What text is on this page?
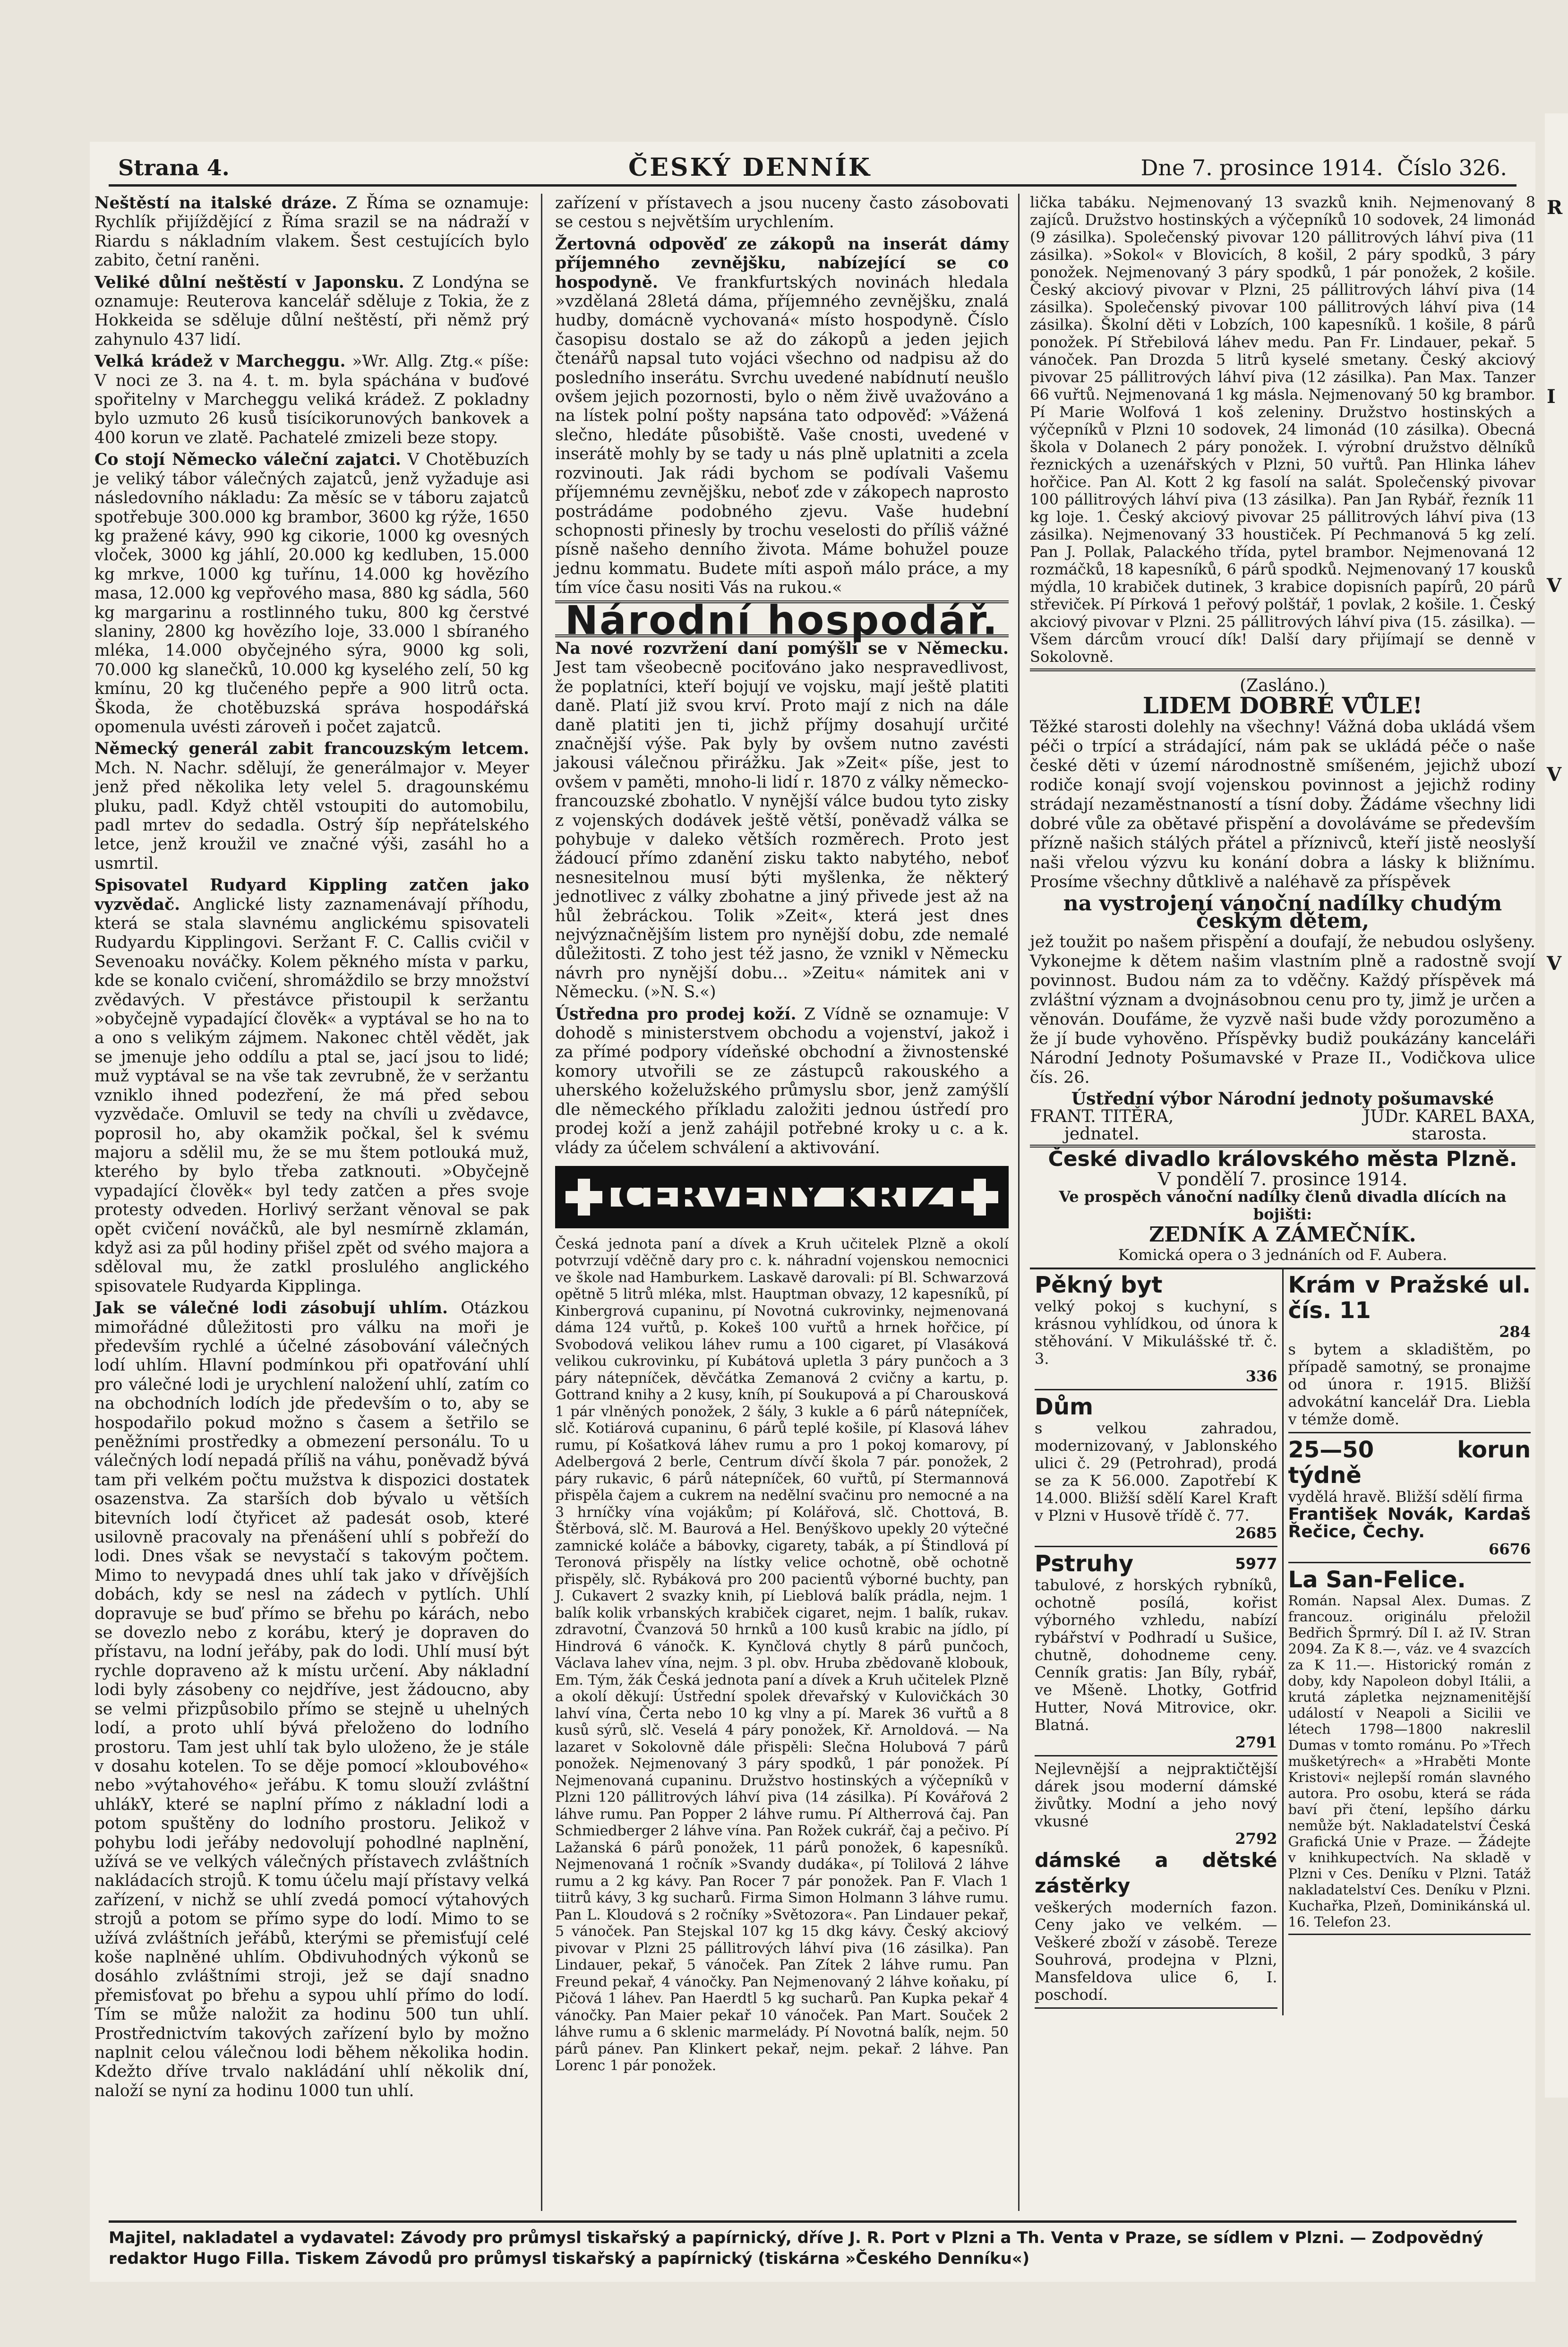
Strana 4.	ČESKÝ DENNÍK	Dne 7. prosince 1914. Číslo 326.

Neštěstí na italské dráze. Z Říma se oznamuje: Rychlík přijíždějící z Říma srazil se na nádraží v Riardu s nákladním vlakem. Šest cestujících bylo zabito, četní raněni.

Veliké důlní neštěstí v Japonsku. Z Londýna se oznamuje: Reuterova kancelář sděluje z Tokia, že z Hokkeida se sděluje důlní neštěstí, při němž prý zahynulo 437 lidí.

Velká krádež v Marcheggu. »Wr. Allg. Ztg.« píše: V noci ze 3. na 4. t. m. byla spáchána v buďové spořitelny v Marcheggu veliká krádež. Z pokladny bylo uzmuto 26 kusů tisícikorunových bankovek a 400 korun ve zlatě. Pachatelé zmizeli beze stopy.

Co stojí Německo váleční zajatci. V Chotěbuzích je veliký tábor válečných zajatců, jenž vyžaduje asi následovního nákladu: Za měsíc se v táboru zajatců spotřebuje 300.000 kg brambor, 3600 kg rýže, 1650 kg pražené kávy, 990 kg cikorie, 1000 kg ovesných vloček, 3000 kg jáhlí, 20.000 kg kedluben, 15.000 kg mrkve, 1000 kg tuřínu, 14.000 kg hovězího masa, 12.000 kg vepřového masa, 880 kg sádla, 560 kg margarinu a rostlinného tuku, 800 kg čerstvé slaniny, 2800 kg hovězího loje, 33.000 l sbíraného mléka, 14.000 obyčejného sýra, 9000 kg soli, 70.000 kg slanečků, 10.000 kg kyselého zelí, 50 kg kmínu, 20 kg tlučeného pepře a 900 litrů octa. Škoda, že chotěbuzská správa hospodářská opomenula uvésti zároveň i počet zajatců.

Německý generál zabit francouzským letcem. Mch. N. Nachr. sdělují, že generálmajor v. Meyer jenž před několika lety velel 5. dragounskému pluku, padl. Když chtěl vstoupiti do automobilu, padl mrtev do sedadla. Ostrý šíp nepřátelského letce, jenž kroužil ve značné výši, zasáhl ho a usmrtil.

Spisovatel Rudyard Kippling zatčen jako vyzvědač. Anglické listy zaznamenávají příhodu, která se stala slavnému anglickému spisovateli Rudyardu Kipplingovi. Seržant F. C. Callis cvičil v Sevenoaku nováčky. Kolem pěkného místa v parku, kde se konalo cvičení, shromáždilo se brzy množství zvědavých. V přestávce přistoupil k seržantu »obyčejně vypadající člověk« a vyptával se ho na to a ono s velikým zájmem. Nakonec chtěl vědět, jak se jmenuje jeho oddílu a ptal se, jací jsou to lidé; muž vyptával se na vše tak zevrubně, že v seržantu vzniklo ihned podezření, že má před sebou vyzvědače. Omluvil se tedy na chvíli u zvědavce, poprosil ho, aby okamžik počkal, šel k svému majoru a sdělil mu, že se mu štem potlouká muž, kterého by bylo třeba zatknouti. »Obyčejně vypadající člověk« byl tedy zatčen a přes svoje protesty odveden. Horlivý seržant věnoval se pak opět cvičení nováčků, ale byl nesmírně zklamán, když asi za půl hodiny přišel zpět od svého majora a sděloval mu, že zatkl proslulého anglického spisovatele Rudyarda Kipplinga.

Jak se válečné lodi zásobují uhlím. Otázkou mimořádné důležitosti pro válku na moři je především rychlé a účelné zásobování válečných lodí uhlím. Hlavní podmínkou při opatřování uhlí pro válečné lodi je urychlení naložení uhlí, zatím co na obchodních lodích jde především o to, aby se hospodařilo pokud možno s časem a šetřilo se peněžními prostředky a obmezení personálu. To u válečných lodí nepadá příliš na váhu, poněvadž bývá tam při velkém počtu mužstva k dispozici dostatek osazenstva. Za starších dob bývalo u větších bitevních lodí čtyřicet až padesát osob, které usilovně pracovaly na přenášení uhlí s pobřeží do lodi. Dnes však se nevystačí s takovým počtem. Mimo to nevypadá dnes uhlí tak jako v dřívějších dobách, kdy se nesl na zádech v pytlích. Uhlí dopravuje se buď přímo se břehu po kárách, nebo se dovezlo nebo z korábu, který je dopraven do přístavu, na lodní jeřáby, pak do lodi. Uhlí musí být rychle dopraveno až k místu určení. Aby nákladní lodi byly zásobeny co nejdříve, jest žádoucno, aby se velmi přizpůsobilo přímo se stejně u uhelných lodí, a proto uhlí bývá přeloženo do lodního prostoru. Tam jest uhlí tak bylo uloženo, že je stále v dosahu kotelen. To se děje pomocí »kloubového« nebo »výtahového« jeřábu. K tomu slouží zvláštní uhlákY, které se naplní přímo z nákladní lodi a potom spuštěny do lodního prostoru. Jelikož v pohybu lodi jeřáby nedovolují pohodlné naplnění, užívá se ve velkých válečných přístavech zvláštních nakládacích strojů. K tomu účelu mají přístavy velká zařízení, v nichž se uhlí zvedá pomocí výtahových strojů a potom se přímo sype do lodí. Mimo to se užívá zvláštních jeřábů, kterými se přemisťují celé koše naplněné uhlím. Obdivuhodných výkonů se dosáhlo zvláštními stroji, jež se dají snadno přemisťovat po břehu a sypou uhlí přímo do lodí. Tím se může naložit za hodinu 500 tun uhlí. Prostřednictvím takových zařízení bylo by možno naplnit celou válečnou lodi během několika hodin. Kdežto dříve trvalo nakládání uhlí několik dní, naloží se nyní za hodinu 1000 tun uhlí.

zařízení v přístavech a jsou nuceny často zásobovati se cestou s největším urychlením.

Žertovná odpověď ze zákopů na inserát dámy příjemného zevnějšku, nabízející se co hospodyně. Ve frankfurtských novinách hledala »vzdělaná 28letá dáma, příjemného zevnějšku, znalá hudby, domácně vychovaná« místo hospodyně. Číslo časopisu dostalo se až do zákopů a jeden jejich čtenářů napsal tuto vojáci všechno od nadpisu až do posledního inserátu. Svrchu uvedené nabídnutí neušlo ovšem jejich pozornosti, bylo o něm živě uvažováno a na lístek polní pošty napsána tato odpověď: »Vážená slečno, hledáte působiště. Vaše cnosti, uvedené v inserátě mohly by se tady u nás plně uplatniti a zcela rozvinouti. Jak rádi bychom se podívali Vašemu příjemnému zevnějšku, neboť zde v zákopech naprosto postrádáme podobného zjevu. Vaše hudební schopnosti přinesly by trochu veselosti do příliš vážné písně našeho denního života. Máme bohužel pouze jednu kommatu. Budete míti aspoň málo práce, a my tím více času nositi Vás na rukou.«

Národní hospodář.

Na nové rozvržení daní pomýšlí se v Německu. Jest tam všeobecně pociťováno jako nespravedlivost, že poplatníci, kteří bojují ve vojsku, mají ještě platiti daně. Platí již svou krví. Proto mají z nich na dále daně platiti jen ti, jichž příjmy dosahují určité značnější výše. Pak byly by ovšem nutno zavésti jakousi válečnou přirážku. Jak »Zeit« píše, jest to ovšem v paměti, mnoho-li lidí r. 1870 z války německo-francouzské zbohatlo. V nynější válce budou tyto zisky z vojenských dodávek ještě větší, poněvadž válka se pohybuje v daleko větších rozměrech. Proto jest žádoucí přímo zdanění zisku takto nabytého, neboť nesnesitelnou musí býti myšlenka, že některý jednotlivec z války zbohatne a jiný přivede jest až na hůl žebráckou. Tolik »Zeit«, která jest dnes nejvýznačnějším listem pro nynější dobu, zde nemalé důležitosti. Z toho jest též jasno, že vznikl v Německu návrh pro nynější dobu... »Zeitu« námitek ani v Německu. (»N. S.«)

Ústředna pro prodej koží. Z Vídně se oznamuje: V dohodě s ministerstvem obchodu a vojenství, jakož i za přímé podpory vídeňské obchodní a živnostenské komory utvořili se ze zástupců rakouského a uherského koželužského průmyslu sbor, jenž zamýšlí dle německého příkladu založiti jednou ústředí pro prodej koží a jenž zahájil potřebné kroky u c. a k. vlády za účelem schválení a aktivování.

ČERVENÝ KŘÍŽ

Česká jednota paní a dívek a Kruh učitelek Plzně a okolí potvrzují vděčně dary pro c. k. náhradní vojenskou nemocnici ve škole nad Hamburkem. Laskavě darovali: pí Bl. Schwarzová opětně 5 litrů mléka, mlst. Hauptman obvazy, 12 kapesníků, pí Kinbergrová cupaninu, pí Novotná cukrovinky, nejmenovaná dáma 124 vuřtů, p. Kokeš 100 vuřtů a hrnek hořčice, pí Svobodová velikou láhev rumu a 100 cigaret, pí Vlasáková velikou cukrovinku, pí Kubátová upletla 3 páry punčoch a 3 páry nátepníček, děvčátka Zemanová 2 cvičny a kartu, p. Gottrand knihy a 2 kusy, kníh, pí Soukupová a pí Charousková 1 pár vlněných ponožek, 2 šály, 3 kukle a 6 párů nátepníček, slč. Kotiárová cupaninu, 6 párů teplé košile, pí Klasová láhev rumu, pí Košatková láhev rumu a pro 1 pokoj komarovy, pí Adelbergová 2 berle, Centrum dívčí škola 7 pár. ponožek, 2 páry rukavic, 6 párů nátepníček, 60 vuřtů, pí Stermannová přispěla čajem a cukrem na nedělní svačinu pro nemocné a na 3 hrníčky vína vojákům; pí Kolářová, slč. Chottová, B. Štěrbová, slč. M. Baurová a Hel. Benýškovo upekly 20 výtečné zamnické koláče a bábovky, cigarety, tabák, a pí Štindlová pí Teronová přispěly na lístky velice ochotně, obě ochotně přispěly, slč. Rybáková pro 200 pacientů výborné buchty, pan J. Cukavert 2 svazky knih, pí Lieblová balík prádla, nejm. 1 balík kolik vrbanských krabiček cigaret, nejm. 1 balík, rukav. zdravotní, Čvanzová 50 hrnků a 100 kusů krabic na jídlo, pí Hindrová 6 vánočk. K. Kynčlová chytly 8 párů punčoch, Václava lahev vína, nejm. 3 pl. obv. Hruba zbědovaně klobouk, Em. Tým, žák Česká jednota paní a dívek a Kruh učitelek Plzně a okolí děkují: Ústřední spolek dřevařský v Kulovičkách 30 lahví vína, Čerta nebo 10 kg vlny a pí. Marek 36 vuřtů a 8 kusů sýrů, slč. Veselá 4 páry ponožek, Kř. Arnoldová. — Na lazaret v Sokolovně dále přispěli: Slečna Holubová 7 párů ponožek. Nejmenovaný 3 páry spodků, 1 pár ponožek. Pí Nejmenovaná cupaninu. Družstvo hostinských a výčepníků v Plzni 120 pállitrových láhví piva (14 zásilka). Pí Kovářová 2 láhve rumu. Pan Popper 2 láhve rumu. Pí Altherrová čaj. Pan Schmiedberger 2 láhve vína. Pan Rožek cukrář, čaj a pečivo. Pí Lažanská 6 párů ponožek, 11 párů ponožek, 6 kapesníků. Nejmenovaná 1 ročník »Svandy dudáka«, pí Tolilová 2 láhve rumu a 2 kg kávy. Pan Rocer 7 pár ponožek. Pan F. Vlach 1 tiitrů kávy, 3 kg sucharů. Firma Simon Holmann 3 láhve rumu. Pan L. Kloudová s 2 ročníky »Světozora«. Pan Lindauer pekař, 5 vánoček. Pan Stejskal 107 kg 15 dkg kávy. Český akciový pivovar v Plzni 25 pállitrových láhví piva (16 zásilka). Pan Lindauer, pekař, 5 vánoček. Pan Zítek 2 láhve rumu. Pan Freund pekař, 4 vánočky. Pan Nejmenovaný 2 láhve koňaku, pí Pičová 1 láhev. Pan Haerdtl 5 kg sucharů. Pan Kupka pekař 4 vánočky. Pan Maier pekař 10 vánoček. Pan Mart. Souček 2 láhve rumu a 6 sklenic marmelády. Pí Novotná balík, nejm. 50 párů pánev. Pan Klinkert pekař, nejm. pekař. 2 láhve. Pan Lorenc 1 pár ponožek.

lička tabáku. Nejmenovaný 13 svazků knih. Nejmenovaný 8 zajíců. Družstvo hostinských a výčepníků 10 sodovek, 24 limonád (9 zásilka). Společenský pivovar 120 pállitrových láhví piva (11 zásilka). »Sokol« v Blovicích, 8 košil, 2 páry spodků, 3 páry ponožek. Nejmenovaný 3 páry spodků, 1 pár ponožek, 2 košile. Český akciový pivovar v Plzni, 25 pállitrových láhví piva (14 zásilka). Společenský pivovar 100 pállitrových láhví piva (14 zásilka). Školní děti v Lobzích, 100 kapesníků. 1 košile, 8 párů ponožek. Pí Střebilová láhev medu. Pan Fr. Lindauer, pekař. 5 vánoček. Pan Drozda 5 litrů kyselé smetany. Český akciový pivovar 25 pállitrových láhví piva (12 zásilka). Pan Max. Tanzer 66 vuřtů. Nejmenovaná 1 kg másla. Nejmenovaný 50 kg brambor. Pí Marie Wolfová 1 koš zeleniny. Družstvo hostinských a výčepníků v Plzni 10 sodovek, 24 limonád (10 zásilka). Obecná škola v Dolanech 2 páry ponožek. I. výrobní družstvo dělníků řeznických a uzenářských v Plzni, 50 vuřtů. Pan Hlinka láhev hořčice. Pan Al. Kott 2 kg fasolí na salát. Společenský pivovar 100 pállitrových láhví piva (13 zásilka). Pan Jan Rybář, řezník 11 kg loje. 1. Český akciový pivovar 25 pállitrových láhví piva (13 zásilka). Nejmenovaný 33 houstiček. Pí Pechmanová 5 kg zelí. Pan J. Pollak, Palackého třída, pytel brambor. Nejmenovaná 12 rozmáčků, 18 kapesníků, 6 párů spodků. Nejmenovaný 17 kousků mýdla, 10 krabiček dutinek, 3 krabice dopisních papírů, 20 párů střeviček. Pí Pírková 1 peřový polštář, 1 povlak, 2 košile. 1. Český akciový pivovar v Plzni. 25 pállitrových láhví piva (15. zásilka). — Všem dárcům vroucí dík! Další dary přijímají se denně v Sokolovně.

(Zasláno.)
LIDEM DOBRÉ VŮLE!

Těžké starosti dolehly na všechny! Vážná doba ukládá všem péči o trpící a strádající, nám pak se ukládá péče o naše české děti v území národnostně smíšeném, jejichž ubozí rodiče konají svojí vojenskou povinnost a jejichž rodiny strádají nezaměstnaností a tísní doby. Žádáme všechny lidi dobré vůle za obětavé přispění a dovoláváme se především přízně našich stálých přátel a příznivců, kteří jistě neoslyší naši vřelou výzvu ku konání dobra a lásky k bližnímu. Prosíme všechny důtklivě a naléhavě za příspěvek

na vystrojení vánoční nadílky chudým českým dětem,

jež toužit po našem přispění a doufají, že nebudou oslyšeny. Vykonejme k dětem našim vlastním plně a radostně svojí povinnost. Budou nám za to vděčny. Každý příspěvek má zvláštní význam a dvojnásobnou cenu pro ty, jimž je určen a věnován. Doufáme, že vyzvě naši bude vždy porozuměno a že jí bude vyhověno. Příspěvky budiž poukázány kanceláři Národní Jednoty Pošumavské v Praze II., Vodičkova ulice čís. 26.

Ústřední výbor Národní jednoty pošumavské
FRANT. TITĚRA,
jednatel.
JUDr. KAREL BAXA,
starosta.
České divadlo královského města Plzně.
V pondělí 7. prosince 1914.
Ve prospěch vánoční nadílky členů divadla dlících na bojišti:
ZEDNÍK A ZÁMEČNÍK.
Komická opera o 3 jednáních od F. Aubera.
Pěkný byt
velký pokoj s kuchyní, s krásnou vyhlídkou, od února k stěhování. V Mikulášské tř. č. 3.
336
Dům
s velkou zahradou, modernizovaný, v Jablonského ulici č. 29 (Petrohrad), prodá se za K 56.000. Zapotřebí K 14.000. Bližší sdělí Karel Kraft v Plzni v Husově třídě č. 77.
2685
Pstruhy	5977
tabulové, z horských rybníků, ochotně posílá, kořist výborného vzhledu, nabízí rybářství v Podhradí u Sušice, chutně, dohodneme ceny. Cenník gratis: Jan Bíly, rybář, ve Mšeně. Lhotky, Gotfrid Hutter, Nová Mitrovice, okr. Blatná.
2791
Nejlevnější a nejpraktičtější dárek jsou moderní dámské živůtky. Modní a jeho nový vkusné
2792
dámské a dětské zástěrky
veškerých moderních fazon. Ceny jako ve velkém. — Veškeré zboží v zásobě. Tereze Souhrová, prodejna v Plzni, Mansfeldova ulice 6, I. poschodí.
Krám v Pražské ul. čís. 11
284
s bytem a skladištěm, po případě samotný, se pronajme od února r. 1915. Bližší advokátní kancelář Dra. Liebla v témže domě.
25—50 korun týdně
vydělá hravě. Bližší sdělí firma
František Novák, Kardaš Řečice, Čechy.
6676
La San-Felice.
Román. Napsal Alex. Dumas. Z francouz. originálu přeložil Bedřich Šprmrý. Díl I. až IV. Stran 2094. Za K 8.—, váz. ve 4 svazcích za K 11.—. Historický román z doby, kdy Napoleon dobyl Itálii, a krutá zápletka nejznamenitější událostí v Neapoli a Sicilii ve létech 1798—1800 nakreslil Dumas v tomto románu. Po »Třech mušketýrech« a »Hraběti Monte Kristovi« nejlepší román slavného autora. Pro osobu, která se ráda baví při čtení, lepšího dárku nemůže být. Nakladatelství Česká Grafická Unie v Praze. — Žádejte v knihkupectvích. Na skladě v Plzni v Ces. Deníku v Plzni. Tatáž nakladatelství Ces. Deníku v Plzni. Kuchařka, Plzeň, Dominikánská ul. 16. Telefon 23.
Majitel, nakladatel a vydavatel: Závody pro průmysl tiskařský a papírnický, dříve J. R. Port v Plzni a Th. Venta v Praze, se sídlem v Plzni. — Zodpovědný
redaktor Hugo Filla. Tiskem Závodů pro průmysl tiskařský a papírnický (tiskárna »Českého Denníku«)
R
I
V
V
V
